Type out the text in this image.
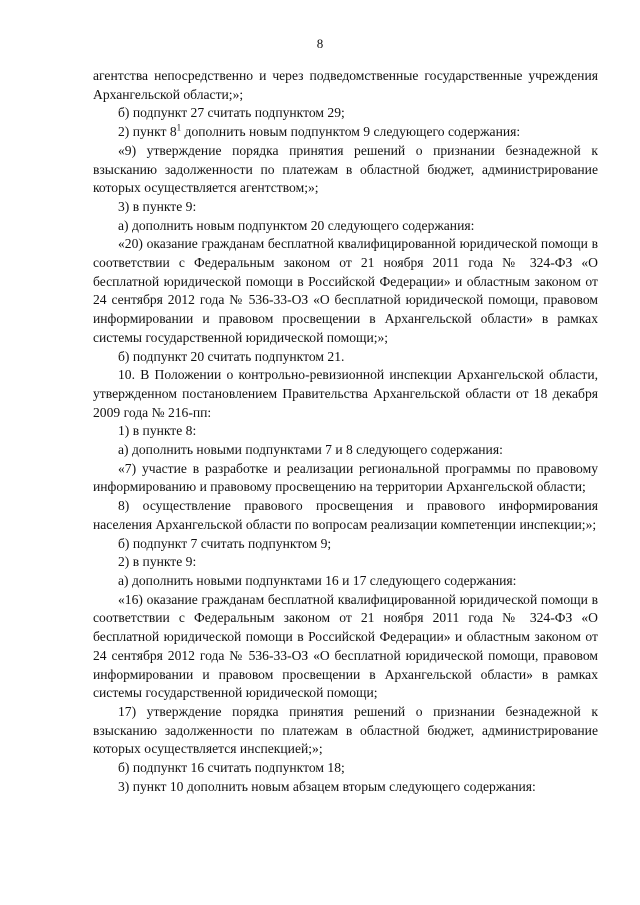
8

агентства непосредственно и через подведомственные государственные учреждения Архангельской области;»;

б) подпункт 27 считать подпунктом 29;

2) пункт $8^1$ дополнить новым подпунктом 9 следующего содержания:

«9) утверждение порядка принятия решений о признании безнадежной к взысканию задолженности по платежам в областной бюджет, администрирование которых осуществляется агентством;»;

3) в пункте 9:

а) дополнить новым подпунктом 20 следующего содержания:

«20) оказание гражданам бесплатной квалифицированной юридической помощи в соответствии с Федеральным законом от 21 ноября 2011 года № 324-ФЗ «О бесплатной юридической помощи в Российской Федерации» и областным законом от 24 сентября 2012 года № 536-33-ОЗ «О бесплатной юридической помощи, правовом информировании и правовом просвещении в Архангельской области» в рамках системы государственной юридической помощи;»;

б) подпункт 20 считать подпунктом 21.

10. В Положении о контрольно-ревизионной инспекции Архангельской области, утвержденном постановлением Правительства Архангельской области от 18 декабря 2009 года № 216-пп:

1) в пункте 8:

а) дополнить новыми подпунктами 7 и 8 следующего содержания:

«7) участие в разработке и реализации региональной программы по правовому информированию и правовому просвещению на территории Архангельской области;

8) осуществление правового просвещения и правового информирования населения Архангельской области по вопросам реализации компетенции инспекции;»;

б) подпункт 7 считать подпунктом 9;

2) в пункте 9:

а) дополнить новыми подпунктами 16 и 17 следующего содержания:

«16) оказание гражданам бесплатной квалифицированной юридической помощи в соответствии с Федеральным законом от 21 ноября 2011 года № 324-ФЗ «О бесплатной юридической помощи в Российской Федерации» и областным законом от 24 сентября 2012 года № 536-33-ОЗ «О бесплатной юридической помощи, правовом информировании и правовом просвещении в Архангельской области» в рамках системы государственной юридической помощи;

17) утверждение порядка принятия решений о признании безнадежной к взысканию задолженности по платежам в областной бюджет, администрирование которых осуществляется инспекцией;»;

б) подпункт 16 считать подпунктом 18;

3) пункт 10 дополнить новым абзацем вторым следующего содержания:
